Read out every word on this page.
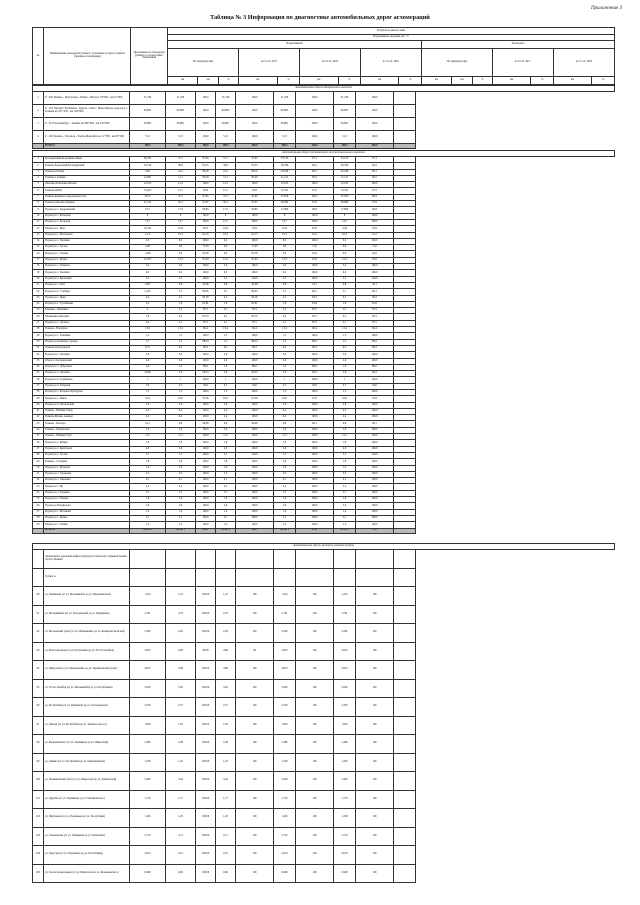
Приложение 3
Таблица № 3 Информация по диагностике автомобильных дорог агломераций
№	Наименование автодороги (улицы) с указанием ее адреса объекта (границы агломерации)	Протяженность автодороги (улицы) в соответствии с нормативом	Результаты диагностики															
			Нормативные сведения, км / %															
			Нормативный									Экспертиза						
			По текущему шву			на 31.12. 2017		на 31.12. 2018		на 31.12. 2019		По текущему шву			на 31.12. 2017		на 31.12. 2018	
			км	км	%	км	%	км	%	км	%	км	км	%	км	%	км	%
Автомобильные дороги федерального значения											
1	Р - 402 Тюмень - Ялуторовск - Ишим - Омск на 18+500 - км 47+000	31,236	31,236	100,0	31,236	100,0	31,236	100,0	31,236	100,0	
2	Р - 254 "Иртыш" Челябинск - Курган - Омск - Новосибирск, подъезд к г. Тюмени на 107+392 - км 194+000	84,895	84,895	100,0	84,895	100,0	84,895	100,0	84,895	100,0	
3	Р - 351 Екатеринбург - Тюмень на 289+820 - км 325+000	30,861	30,861	100,0	30,861	100,0	30,861	100,0	30,861	100,0	
4	Р - 404 Тюмень - Тобольск - Ханты-Мансийск на 11+780 - км 63+000	51,3	51,3	100,0	51,3	100,0	51,3	100,0	51,3	100,0	
	ИТОГО	198,3	198,3	100,0	198,3	100,0	198,3	100,0	198,3	100,0	
Автомобильные дороги регионального межмуниципального значения											
1	Богандинский-Боровинка-Чикча	56,785	57,1	97,65	57,1	97,65	55,135	97,1	55,135	97,1	
2	Тюмень-Боровский-Богандинский	34,740	36,8	95,25	36,8	95,25	30,786	96,2	30,786	96,2	
3	Тюмень-Успенка	24,9	22,2	89,16	22,2	89,16	22,186	89,1	22,186	89,1	
4	Тюмень-Салаирка	12,981	11,1	85,29	11,1	85,29	11,111	85,5	11,111	85,5	
5	Ожогино-Ключевка-Якуши	12,165	12,2	100,0	12,2	100,0	12,165	100,0	12,165	100,0	
6	Тюмень-Ирбит	15,647	15,1	93,8	15,1	93,8	15,341	97,5	15,341	97,5	
7	Тюмень-Каменка-Свердловская обл.	40,75	37,1	91,05	37,1	91,05	37,059	90,9	37,059	90,9	
8	Тюмень-Ожогино-Кармак	51,122	50,1	97,97	50,1	97,97	50,090	97,9	50,090	97,9	
9	Подъезд к с. Андреевский	19,7	17,9	90,83	17,9	90,83	17,899	90,8	17,899	90,8	
10	Подъезд к с. Бобылево	8	8	100,0	8	100,0	8	100,0	8	100,0	
11	Подъезд к с. Бочкарёв	14,7	14,7	100,0	14,7	100,0	14,7	100,0	14,7	100,0	
12	Подъезд к с. Мыс	12,324	10,8	87,6	10,8	87,6	10,8	87,6	10,8	87,6	
13	Подъезд к с. Молчаново	11,3	10,3	91,15	10,3	91,15	10,3	91,2	10,3	91,2	
14	Подъезд к с. Онохино	6,5	6,5	100,0	6,5	100,0	6,5	100,0	6,5	100,0	
15	Подъезд к с. Гусево	1,267	0,9	71,03	0,9	71,03	0,9	71,0	0,9	71,0	
16	Подъезд к с. Тюнево	1,438	0,9	62,58	0,9	62,58	0,9	62,6	0,9	62,6	
17	Подъезд к с. Кулига	15,767	15,3	97,03	15,3	97,03	15,3	97,0	15,3	97,0	
18	Подъезд к с. Ушакова	5,4	5,4	100,0	5,4	100,0	5,4	100,0	5,4	100,0	
19	Подъезд к с. Онохино	9,2	9,2	100,0	9,2	100,0	9,2	100,0	9,2	100,0	
20	Подъезд к с. Березняки	2,5	2,5	100,0	2,5	100,0	2,5	100,0	2,5	100,0	
21	Подъезд к с. Уват	1,857	0,8	43,08	0,8	43,08	0,8	43,1	0,8	43,1	
22	Подъезд к п. "Сибирь"	4,155	3,7	89,05	3,7	89,05	3,7	89,1	3,7	89,1	
23	Подъезд к с. Ярки	4,4	4,1	93,18	4,1	93,18	4,1	93,2	4,1	93,2	
24	Подъезд к с. Турбинный	2,2	1,8	81,81	1,8	81,81	1,8	81,8	1,8	81,8	
25	Каменка - Пышмина	4	3,5	87,5	3,5	87,5	3,5	87,5	3,5	87,5	
26	Малиновка-Ожогино	7,6	6,5	85,53	6,5	85,53	6,5	85,5	6,5	85,5	
27	Подъезд к с. Луговое	2,4	2,1	87,5	2,1	87,5	2,1	87,5	2,1	87,5	
28	Тюмень - Напорное	13,9	13,4	96,4	13,4	96,4	13,4	96,4	13,4	96,4	
29	Подъезд к с. Зеленина	1,5	1,5	100,0	1,5	100,0	1,5	100,0	1,5	100,0	
30	Подъезд к военному городку	1,7	1,5	88,24	1,5	88,24	1,5	88,2	1,5	88,2	
31	Тюмень-Заводоуковск	6,75	6,5	96,3	6,5	96,3	6,5	96,3	6,5	96,3	
32	Подъезд к с. Онохино	3,0	3,0	100,0	3,0	100,0	3,0	100,0	3,0	100,0	
33	Обход п. Богандинский	4,6	4,6	100,0	4,6	100,0	4,6	100,0	4,6	100,0	
34	Подъезд к с. Дубровное	2,0	1,6	80,0	1,6	80,0	1,6	80,0	1,6	80,0	
35	Подъезд к с. Онохино	3,628	3,6	99,23	3,6	99,23	3,6	99,2	3,6	99,2	
36	Подъезд к п. Труфаново	1	1	100,0	1	100,0	1	100,0	1	100,0	
37	Подъезд к п. Озерный	5,0	4,7	94,0	4,7	94,0	4,7	94,0	4,7	94,0	
38	Подъезд к с. Большое Кунчурово	1,5	1,5	100,0	1,5	100,0	1,5	100,0	1,5	100,0	
39	Подъезд к с. Чикча	16,4	16,0	97,56	16,0	97,56	16,0	97,6	16,0	97,6	
40	Подъезд к п. Московский	2,8	2,8	100,0	2,8	100,0	2,8	100,0	2,8	100,0	
41	Тюмень - Нижняя Тавда	4,5	4,5	100,0	4,5	100,0	4,5	100,0	4,5	100,0	
42	Тюмень-Малые Акияры	2,4	2,4	100,0	2,4	100,0	2,4	100,0	2,4	100,0	
43	Тюмень - Каскара	10,2	9,8	96,08	9,8	96,08	9,8	96,1	9,8	96,1	
44	Тюмень - Переваловo	5,6	5,6	100,0	5,6	100,0	5,6	100,0	5,6	100,0	
45	Тюмень - Нижняя Тура	11,5	11,5	100,0	11,5	100,0	11,5	100,0	11,5	100,0	
46	Подъезд к с. Бизино	1,8	1,8	100,0	1,8	100,0	1,8	100,0	1,8	100,0	
47	Подъезд к с. Кыштырла	2,6	2,6	100,0	2,6	100,0	2,6	100,0	2,6	100,0	
48	Подъезд к с. Гусево	3,7	3,7	100,0	3,7	100,0	3,7	100,0	3,7	100,0	
49	Тюмень - Салаирка	1,8	1,8	100,0	1,8	100,0	1,8	100,0	1,8	100,0	
50	Подъезд к с. Кулаково	1,0	1,0	100,0	1,0	100,0	1,0	100,0	1,0	100,0	
51	Подъезд к с. Горьковка	5,3	5,3	100,0	5,3	100,0	5,3	100,0	5,3	100,0	
52	Подъезд к с. Ольховка	4,1	4,1	100,0	4,1	100,0	4,1	100,0	4,1	100,0	
53	Подъезд к с. Яр	2,2	2,2	100,0	2,2	100,0	2,2	100,0	2,2	100,0	
54	Подъезд к д. Зырянка	3,7	3,7	100,0	3,7	100,0	3,7	100,0	3,7	100,0	
55	Подъезд к с. Тюнево	1,8	1,8	100,0	1,8	100,0	1,8	100,0	1,8	100,0	
56	Подъезд к Перевалово	2,6	2,6	100,0	2,6	100,0	2,6	100,0	2,6	100,0	
57	Подъезд к с. Мальково	1,4	1,4	100,0	1,4	100,0	1,4	100,0	1,4	100,0	
58	Подъезд к с. Кулига	3,1	3,1	100,0	3,1	100,0	3,1	100,0	3,1	100,0	
59	Подъезд к с. Гилёво	1,5	1,5	100,0	1,5	100,0	1,5	100,0	1,5	100,0	
	ИТОГО	450,722	437,071	96,97	437,071	96,97	437,071	97,0	437,071	97,0	
Автомобильные дороги местного значения (улицы)											
	Департамент дорожной инфраструктуры и транспорта Администрации города Тюмени										
	Группа А										
90	ул. Пермякова (от ул. Мельникайте до ул. Федюнинского)	1,234	1,23	100,00	1,23	100	1,234	100	1,234	100	
91	ул. Мельникайте (от ул. Холодильной до ул. Пермякова)	2,761	2,76	100,00	2,76	100	2,761	100	2,761	100	
92	ул. Московский тракт (от ул. Мельникайте до ул. Коммунистической)	2,260	2,26	100,00	2,26	100	2,260	100	2,260	100	
93	ул. Волгоградская (от ул. Республики до ул. 50 лет Октября)	4,933	4,89	99,00	4,89	99	4,933	100	4,933	100	
94	ул. Широтная (от ул. Мельникайте до ул. Червишевский тракт)	4,975	4,98	100,00	4,98	100	4,975	100	4,975	100	
95	ул. 50 лет Октября (от ул. Мельникайте до ул. Республики)	5,020	5,02	100,00	5,02	100	5,020	100	5,020	100	
96	ул. Республики (от ул. Пермякова до ул. Холодильной)	2,370	2,37	100,00	2,37	100	2,370	100	2,370	100	
97	ул. Ямская (от ул. Республики до ул. Товарное шоссе)	1,930	1,93	100,00	1,93	100	1,930	100	1,930	100	
98	ул. Федюнинского (от ул. Пермякова до ул. Широтной)	2,480	2,48	100,00	2,48	100	2,480	100	2,480	100	
99	ул. Ленина (от ул. Республики до ул. Первомайской)	1,450	1,45	100,00	1,45	100	1,450	100	1,450	100	
100	ул. Червишевский тракт (от ул. Широтной до ул. Дамбовской)	3,440	3,44	100,00	3,44	100	3,440	100	3,440	100	
101	ул. Дружбы (от ул. Пермякова до ул. Малиновского)	1,770	1,77	100,00	1,77	100	1,770	100	1,770	100	
102	ул. Щербакова (от ул. Пермякова до ул. Республики)	1,290	1,29	100,00	1,29	100	1,290	100	1,290	100	
103	ул. Харьковская (от ул. Пермякова до ул. Малыгина)	2,710	2,71	100,00	2,71	100	2,710	100	2,710	100	
104	ул. Одесская (от ул. Пермякова до ул. Республики)	2,010	2,01	100,00	2,01	100	2,010	100	2,010	100	
105	ул. Геологоразведчиков (от ул. Широтной до ул. Федюнинского)	0,960	0,96	100,00	0,96	100	0,960	100	0,960	100	
